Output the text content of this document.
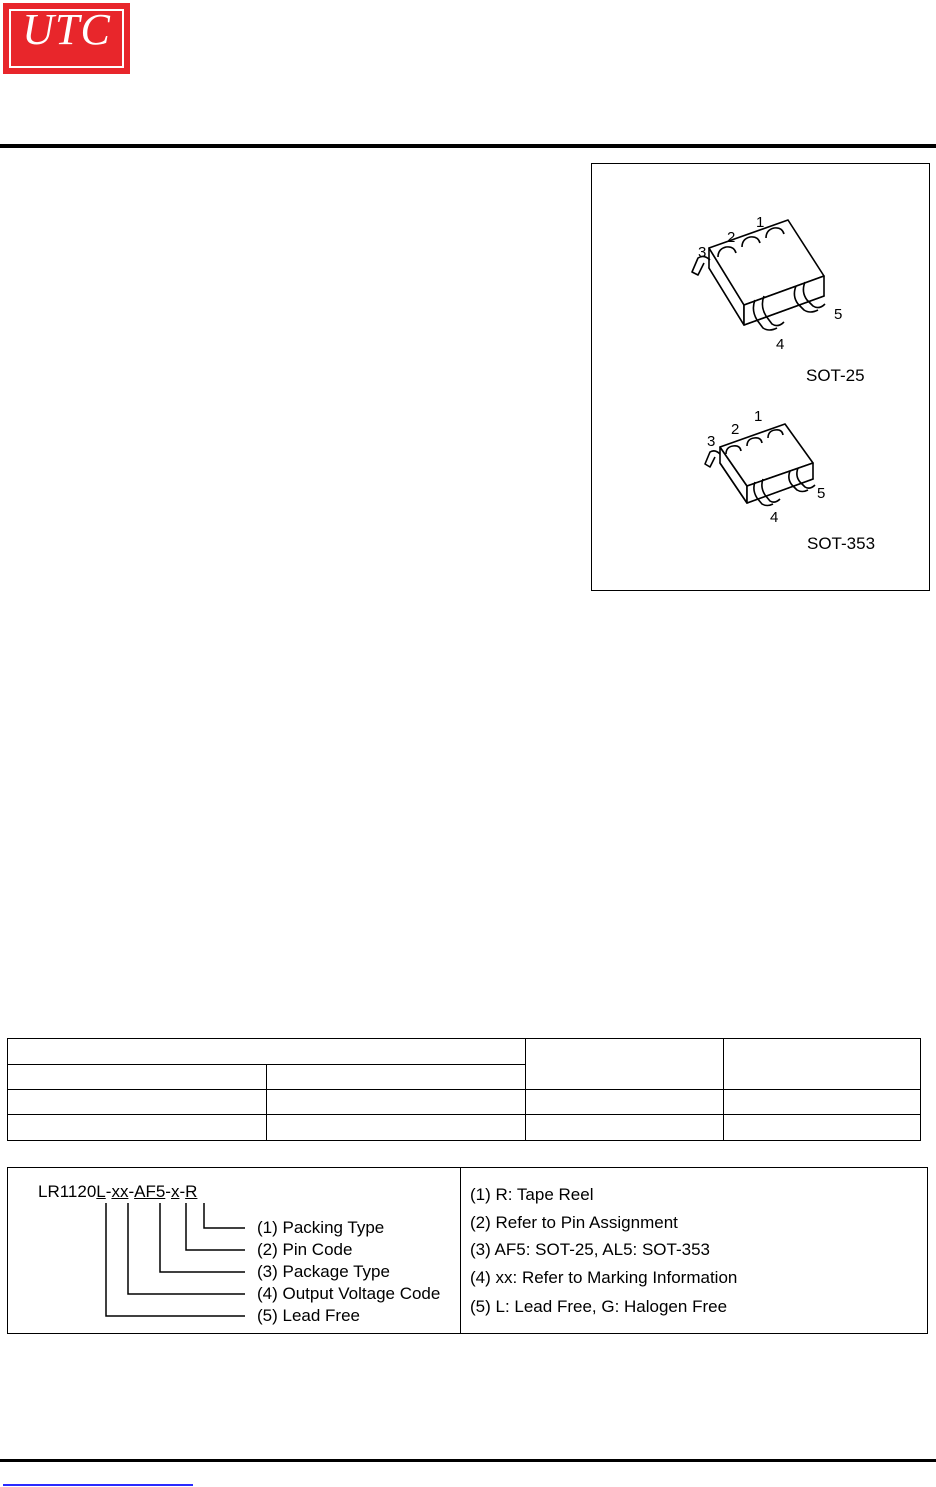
UTC
1
2
3
4
5
SOT-25
1
2
3
4
5
SOT-353
LR1120L-xx-AF5-x-R
(1) Packing Type
(2) Pin Code
(3) Package Type
(4) Output Voltage Code
(5) Lead Free
(1) R: Tape Reel
(2) Refer to Pin Assignment
(3) AF5: SOT-25, AL5: SOT-353
(4) xx: Refer to Marking Information
(5) L: Lead Free, G: Halogen Free
